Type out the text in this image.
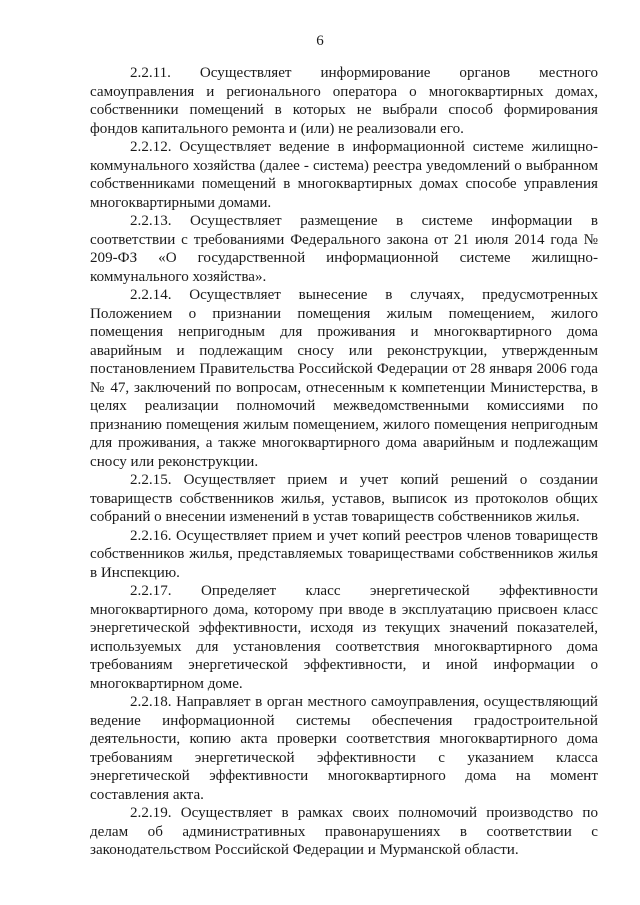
6

2.2.11. Осуществляет информирование органов местного самоуправления и регионального оператора о многоквартирных домах, собственники помещений в которых не выбрали способ формирования фондов капитального ремонта и (или) не реализовали его.

2.2.12. Осуществляет ведение в информационной системе жилищно-коммунального хозяйства (далее - система) реестра уведомлений о выбранном собственниками помещений в многоквартирных домах способе управления многоквартирными домами.

2.2.13. Осуществляет размещение в системе информации в соответствии с требованиями Федерального закона от 21 июля 2014 года № 209-ФЗ «О государственной информационной системе жилищно-коммунального хозяйства».

2.2.14. Осуществляет вынесение в случаях, предусмотренных Положением о признании помещения жилым помещением, жилого помещения непригодным для проживания и многоквартирного дома аварийным и подлежащим сносу или реконструкции, утвержденным постановлением Правительства Российской Федерации от 28 января 2006 года № 47, заключений по вопросам, отнесенным к компетенции Министерства, в целях реализации полномочий межведомственными комиссиями по признанию помещения жилым помещением, жилого помещения непригодным для проживания, а также многоквартирного дома аварийным и подлежащим сносу или реконструкции.

2.2.15. Осуществляет прием и учет копий решений о создании товариществ собственников жилья, уставов, выписок из протоколов общих собраний о внесении изменений в устав товариществ собственников жилья.

2.2.16. Осуществляет прием и учет копий реестров членов товариществ собственников жилья, представляемых товариществами собственников жилья в Инспекцию.

2.2.17. Определяет класс энергетической эффективности многоквартирного дома, которому при вводе в эксплуатацию присвоен класс энергетической эффективности, исходя из текущих значений показателей, используемых для установления соответствия многоквартирного дома требованиям энергетической эффективности, и иной информации о многоквартирном доме.

2.2.18. Направляет в орган местного самоуправления, осуществляющий ведение информационной системы обеспечения градостроительной деятельности, копию акта проверки соответствия многоквартирного дома требованиям энергетической эффективности с указанием класса энергетической эффективности многоквартирного дома на момент составления акта.

2.2.19. Осуществляет в рамках своих полномочий производство по делам об административных правонарушениях в соответствии с законодательством Российской Федерации и Мурманской области.
